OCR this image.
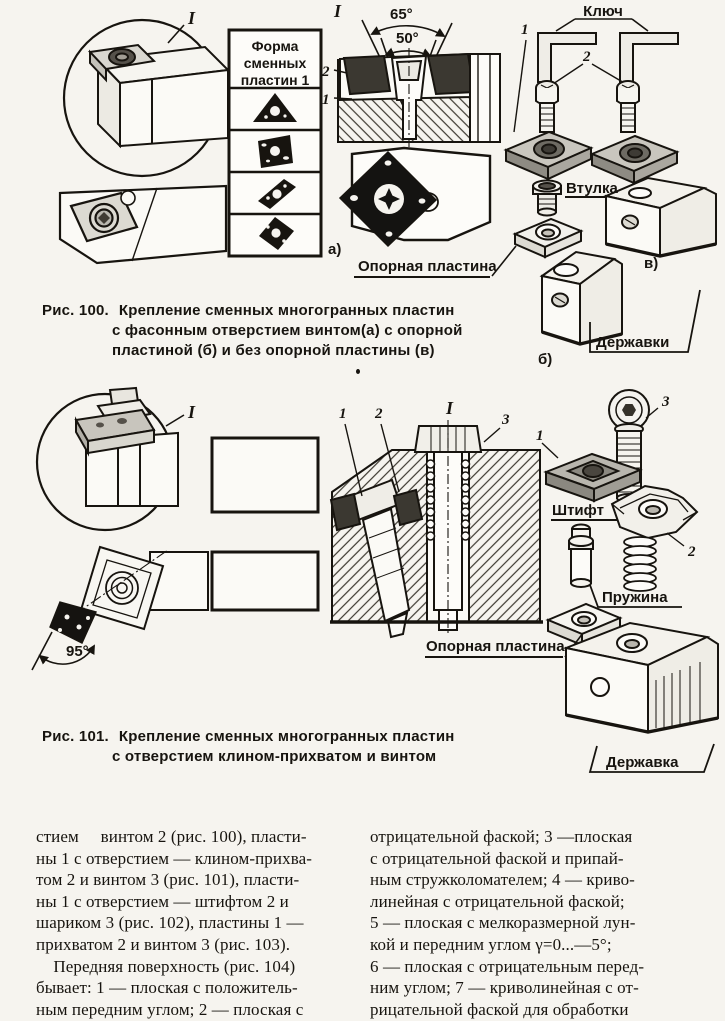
I
Форма
сменных
пластин 1
I	65°
50°
2
1
а)
Опорная пластина
Ключ
1
2
Втулка
Державки
б)
в)
Рис. 100. Крепление сменных многогранных пластин
с фасонным отверстием винтом(а) с опорной
пластиной (б) и без опорной пластины (в)
I
95°
1 2	I
3
1
3
2
Штифт
Пружина
Опорная пластина
Державка
Рис. 101. Крепление сменных многогранных пластин
с отверстием клином-прихватом и винтом
стием     винтом 2 (рис. 100), пласти-
ны 1 с отверстием — клином-прихва-
том 2 и винтом 3 (рис. 101), пласти-
ны 1 с отверстием — штифтом 2 и
шариком 3 (рис. 102), пластины 1 —
прихватом 2 и винтом 3 (рис. 103).
Передняя поверхность (рис. 104)
бывает: 1 — плоская с положитель-
ным передним углом; 2 — плоская с
отрицательной фаской; 3 —плоская
с отрицательной фаской и припай-
ным стружколомателем; 4 — криво-
линейная с отрицательной фаской;
5 — плоская с мелкоразмерной лун-
кой и передним углом γ=0...—5°;
6 — плоская с отрицательным перед-
ним углом; 7 — криволинейная с от-
рицательной фаской для обработки
